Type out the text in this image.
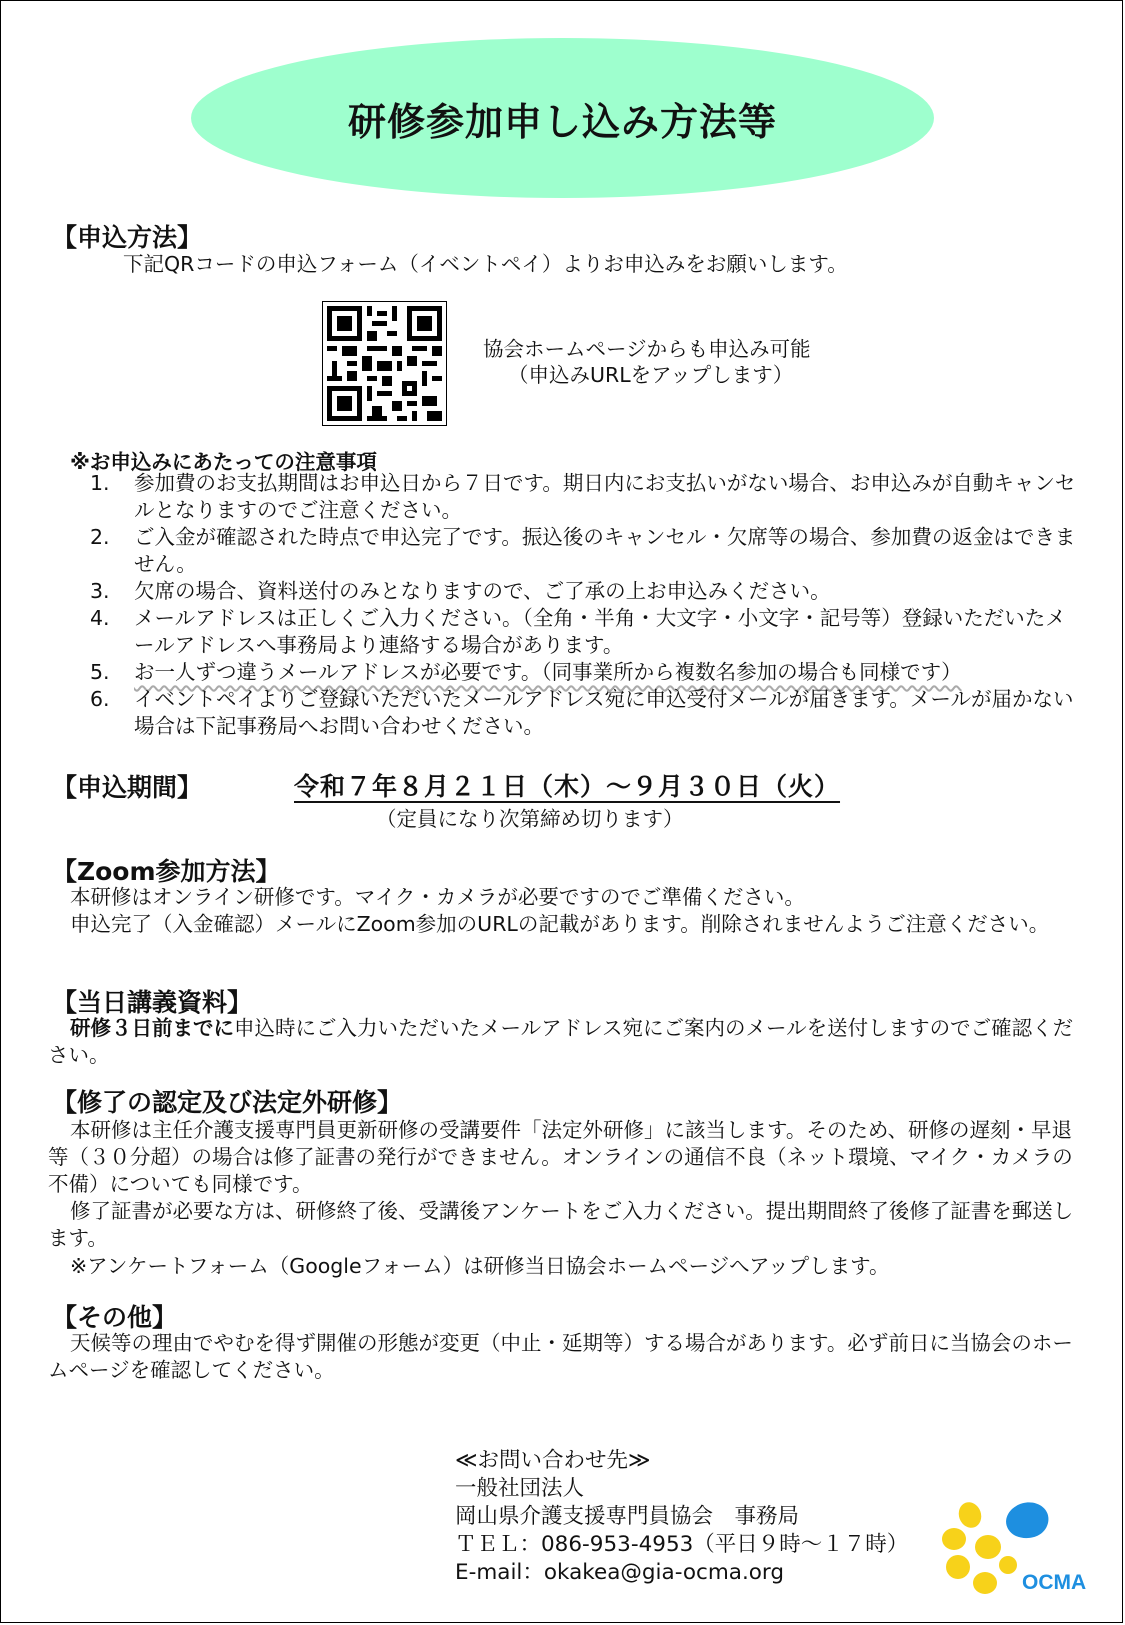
研修参加申し込み方法等
【申込方法】
下記QRコードの申込フォーム（イベントペイ）よりお申込みをお願いします。
協会ホームページからも申込み可能
（申込みURLをアップします）
※お申込みにあたっての注意事項
1. 参加費のお支払期間はお申込日から７日です。期日内にお支払いがない場合、お申込みが自動キャンセルとなりますのでご注意ください。
2. ご入金が確認された時点で申込完了です。振込後のキャンセル・欠席等の場合、参加費の返金はできません。
3. 欠席の場合、資料送付のみとなりますので、ご了承の上お申込みください。
4. メールアドレスは正しくご入力ください。（全角・半角・大文字・小文字・記号等）登録いただいたメールアドレスへ事務局より連絡する場合があります。
5. お一人ずつ違うメールアドレスが必要です。（同事業所から複数名参加の場合も同様です）
6. イベントペイよりご登録いただいたメールアドレス宛に申込受付メールが届きます。メールが届かない場合は下記事務局へお問い合わせください。
【申込期間】	令和７年８月２１日（木）～９月３０日（火）
（定員になり次第締め切ります）
【Zoom参加方法】
本研修はオンライン研修です。マイク・カメラが必要ですのでご準備ください。
申込完了（入金確認）メールにZoom参加のURLの記載があります。削除されませんようご注意ください。
【当日講義資料】
研修３日前までに申込時にご入力いただいたメールアドレス宛にご案内のメールを送付しますのでご確認ください。
【修了の認定及び法定外研修】
本研修は主任介護支援専門員更新研修の受講要件「法定外研修」に該当します。そのため、研修の遅刻・早退等（３０分超）の場合は修了証書の発行ができません。オンラインの通信不良（ネット環境、マイク・カメラの不備）についても同様です。
修了証書が必要な方は、研修終了後、受講後アンケートをご入力ください。提出期間終了後修了証書を郵送します。
※アンケートフォーム（Googleフォーム）は研修当日協会ホームページへアップします。
【その他】
天候等の理由でやむを得ず開催の形態が変更（中止・延期等）する場合があります。必ず前日に当協会のホームページを確認してください。
≪お問い合わせ先≫
一般社団法人
岡山県介護支援専門員協会　事務局
ＴＥＬ：086-953-4953（平日９時～１７時）
E-mail：okakea@gia-ocma.org	OCMA
